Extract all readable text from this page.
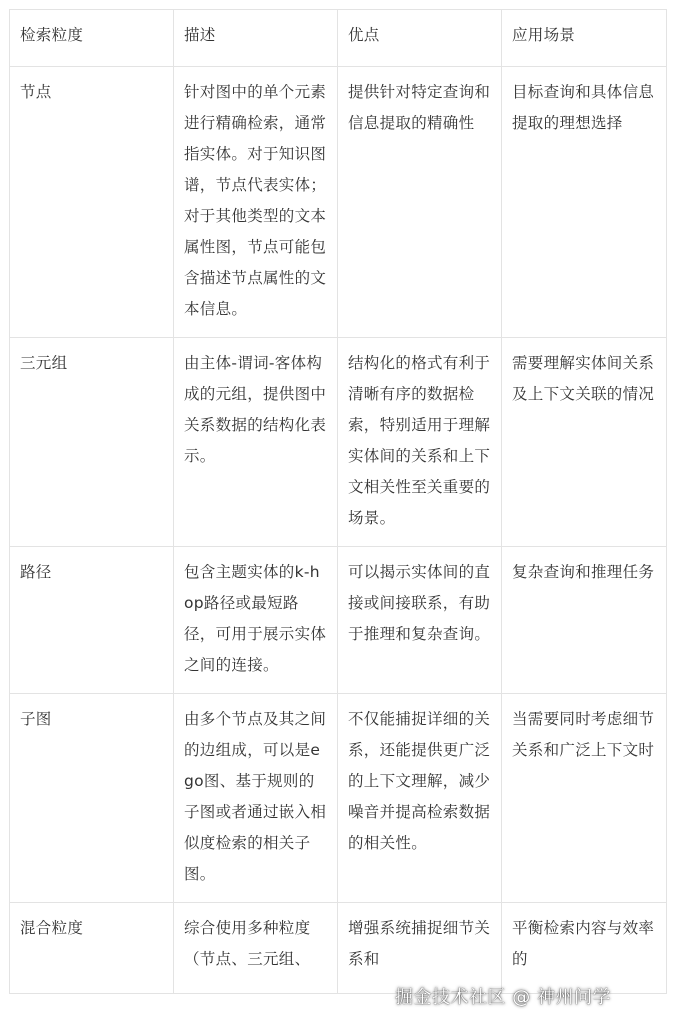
检索粒度	描述	优点	应用场景
节点	针对图中的单个元素进行精确检索，通常指实体。对于知识图谱，节点代表实体；对于其他类型的文本属性图，节点可能包含描述节点属性的文本信息。	提供针对特定查询和信息提取的精确性	目标查询和具体信息提取的理想选择
三元组	由主体-谓词-客体构成的元组，提供图中关系数据的结构化表示。	结构化的格式有利于清晰有序的数据检索，特别适用于理解实体间的关系和上下文相关性至关重要的场景。	需要理解实体间关系及上下文关联的情况
路径	包含主题实体的k-hop路径或最短路径，可用于展示实体之间的连接。	可以揭示实体间的直接或间接联系，有助于推理和复杂查询。	复杂查询和推理任务
子图	由多个节点及其之间的边组成，可以是ego图、基于规则的子图或者通过嵌入相似度检索的相关子图。	不仅能捕捉详细的关系，还能提供更广泛的上下文理解，减少噪音并提高检索数据的相关性。	当需要同时考虑细节关系和广泛上下文时
混合粒度	综合使用多种粒度（节点、三元组、	增强系统捕捉细节关系和	平衡检索内容与效率的
掘金技术社区 @ 神州问学
